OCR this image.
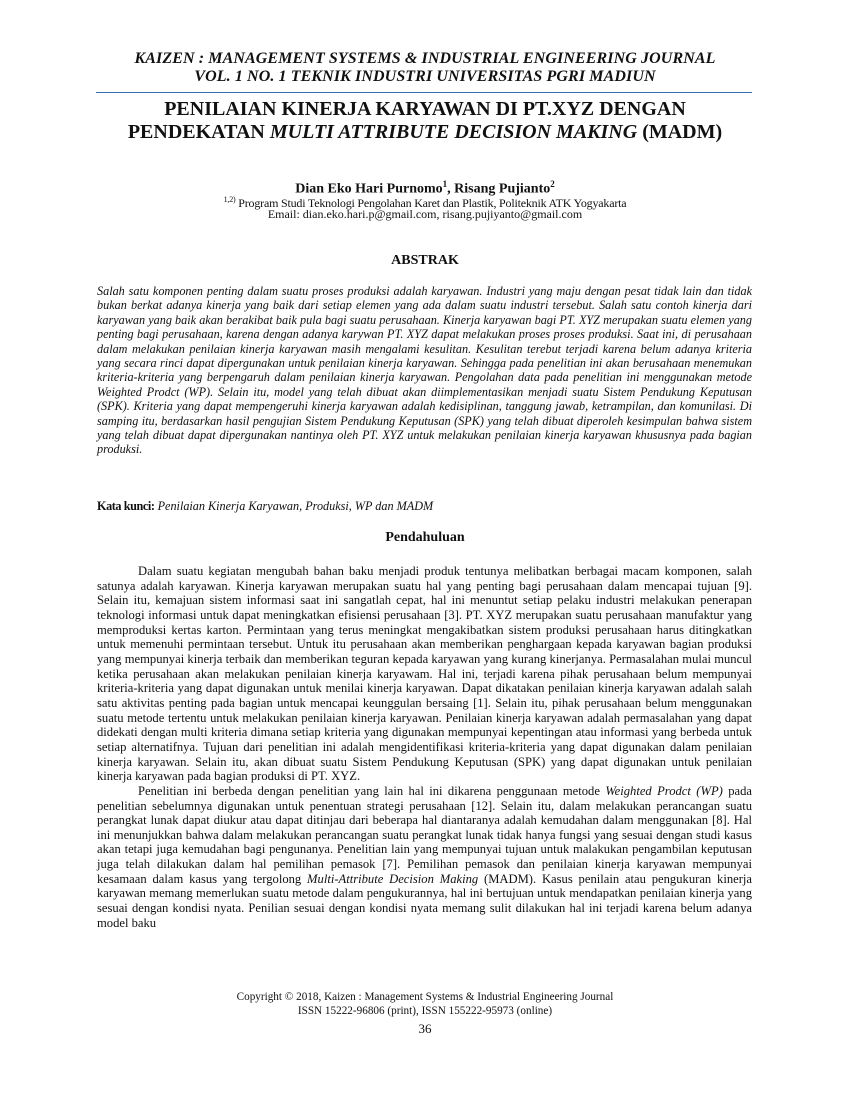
KAIZEN : MANAGEMENT SYSTEMS & INDUSTRIAL ENGINEERING JOURNAL
VOL. 1 NO. 1 TEKNIK INDUSTRI UNIVERSITAS PGRI MADIUN
PENILAIAN KINERJA KARYAWAN DI PT.XYZ DENGAN
PENDEKATAN MULTI ATTRIBUTE DECISION MAKING (MADM)
Dian Eko Hari Purnomo$^1$, Risang Pujianto$^2$
$^{1,2)}$ Program Studi Teknologi Pengolahan Karet dan Plastik, Politeknik ATK Yogyakarta
Email: dian.eko.hari.p@gmail.com, risang.pujiyanto@gmail.com
ABSTRAK
Salah satu komponen penting dalam suatu proses produksi adalah karyawan. Industri yang maju dengan pesat tidak lain dan tidak bukan berkat adanya kinerja yang baik dari setiap elemen yang ada dalam suatu industri tersebut. Salah satu contoh kinerja dari karyawan yang baik akan berakibat baik pula bagi suatu perusahaan. Kinerja karyawan bagi PT. XYZ merupakan suatu elemen yang penting bagi perusahaan, karena dengan adanya karywan PT. XYZ dapat melakukan proses proses produksi. Saat ini, di perusahaan dalam melakukan penilaian kinerja karyawan masih mengalami kesulitan. Kesulitan terebut terjadi karena belum adanya kriteria yang secara rinci dapat dipergunakan untuk penilaian kinerja karyawan. Sehingga pada penelitian ini akan berusahaan menemukan kriteria-kriteria yang berpengaruh dalam penilaian kinerja karyawan. Pengolahan data pada penelitian ini menggunakan metode Weighted Prodct (WP). Selain itu, model yang telah dibuat akan diimplementasikan menjadi suatu Sistem Pendukung Keputusan (SPK). Kriteria yang dapat mempengeruhi kinerja karyawan adalah kedisiplinan, tanggung jawab, ketrampilan, dan komunilasi. Di samping itu, berdasarkan hasil pengujian Sistem Pendukung Keputusan (SPK) yang telah dibuat diperoleh kesimpulan bahwa sistem yang telah dibuat dapat dipergunakan nantinya oleh PT. XYZ untuk melakukan penilaian kinerja karyawan khususnya pada bagian produksi.
Kata kunci: Penilaian Kinerja Karyawan, Produksi, WP dan MADM
Pendahuluan

Dalam suatu kegiatan mengubah bahan baku menjadi produk tentunya melibatkan berbagai macam komponen, salah satunya adalah karyawan. Kinerja karyawan merupakan suatu hal yang penting bagi perusahaan dalam mencapai tujuan [9]. Selain itu, kemajuan sistem informasi saat ini sangatlah cepat, hal ini menuntut setiap pelaku industri melakukan penerapan teknologi informasi untuk dapat meningkatkan efisiensi perusahaan [3]. PT. XYZ merupakan suatu perusahaan manufaktur yang memproduksi kertas karton. Permintaan yang terus meningkat mengakibatkan sistem produksi perusahaan harus ditingkatkan untuk memenuhi permintaan tersebut. Untuk itu perusahaan akan memberikan penghargaan kepada karyawan bagian produksi yang mempunyai kinerja terbaik dan memberikan teguran kepada karyawan yang kurang kinerjanya. Permasalahan mulai muncul ketika perusahaan akan melakukan penilaian kinerja karyawam. Hal ini, terjadi karena pihak perusahaan belum mempunyai kriteria-kriteria yang dapat digunakan untuk menilai kinerja karyawan. Dapat dikatakan penilaian kinerja karyawan adalah salah satu aktivitas penting pada bagian untuk mencapai keunggulan bersaing [1]. Selain itu, pihak perusahaan belum menggunakan suatu metode tertentu untuk melakukan penilaian kinerja karyawan. Penilaian kinerja karyawan adalah permasalahan yang dapat didekati dengan multi kriteria dimana setiap kriteria yang digunakan mempunyai kepentingan atau informasi yang berbeda untuk setiap alternatifnya. Tujuan dari penelitian ini adalah mengidentifikasi kriteria-kriteria yang dapat digunakan dalam penilaian kinerja karyawan. Selain itu, akan dibuat suatu Sistem Pendukung Keputusan (SPK) yang dapat digunakan untuk penilaian kinerja karyawan pada bagian produksi di PT. XYZ.

Penelitian ini berbeda dengan penelitian yang lain hal ini dikarena penggunaan metode Weighted Prodct (WP) pada penelitian sebelumnya digunakan untuk penentuan strategi perusahaan [12]. Selain itu, dalam melakukan perancangan suatu perangkat lunak dapat diukur atau dapat ditinjau dari beberapa hal diantaranya adalah kemudahan dalam menggunakan [8]. Hal ini menunjukkan bahwa dalam melakukan perancangan suatu perangkat lunak tidak hanya fungsi yang sesuai dengan studi kasus akan tetapi juga kemudahan bagi pengunanya. Penelitian lain yang mempunyai tujuan untuk malakukan pengambilan keputusan juga telah dilakukan dalam hal pemilihan pemasok [7]. Pemilihan pemasok dan penilaian kinerja karyawan mempunyai kesamaan dalam kasus yang tergolong Multi-Attribute Decision Making (MADM). Kasus penilain atau pengukuran kinerja karyawan memang memerlukan suatu metode dalam pengukurannya, hal ini bertujuan untuk mendapatkan penilaian kinerja yang sesuai dengan kondisi nyata. Penilian sesuai dengan kondisi nyata memang sulit dilakukan hal ini terjadi karena belum adanya model baku

Copyright © 2018, Kaizen : Management Systems & Industrial Engineering Journal
ISSN 15222-96806 (print), ISSN 155222-95973 (online)
36
